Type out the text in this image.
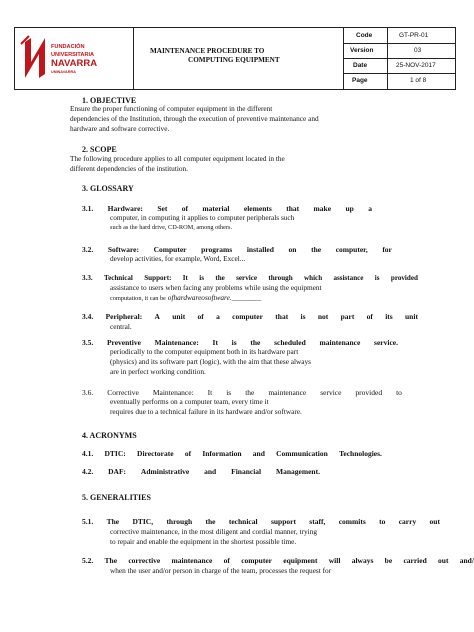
FUNDACIÓN
UNIVERSITARIA
NAVARRA
UNINAVARRA
Code	GT-PR-01
Version	03
Date	25-NOV-2017
Page	1 of 8
MAINTENANCE PROCEDURE TO
COMPUTING EQUIPMENT
1. OBJECTIVE
Ensure the proper functioning of computer equipment in the different
dependencies of the Institution, through the execution of preventive maintenance and
hardware and software corrective.
2. SCOPE
The following procedure applies to all computer equipment located in the
different dependencies of the institution.
3. GLOSSARY
3.1. Hardware: Set of material elements that make up a
computer, in computing it applies to computer peripherals such
such as the hard drive, CD-ROM, among others.
3.2. Software: Computer programs installed on the computer, for
develop activities, for example, Word, Excel...
3.3. Technical Support: It is the service through which assistance is provided
assistance to users when facing any problems while using the equipment
computation, it can be ofhardwareosoftware.________
3.4. Peripheral: A unit of a computer that is not part of its unit
central.
3.5. Preventive Maintenance: It is the scheduled maintenance service.
periodically to the computer equipment both in its hardware part
(physics) and its software part (logic), with the aim that these always
are in perfect working condition.
3.6. Corrective Maintenance: It is the maintenance service provided to
eventually performs on a computer team, every time it
requires due to a technical failure in its hardware and/or software.
4. ACRONYMS
4.1. DTIC: Directorate of Information and Communication Technologies.
4.2. DAF: Administrative and Financial Management.
5. GENERALITIES
5.1. The DTIC, through the technical support staff, commits to carry out
corrective maintenance, in the most diligent and cordial manner, trying
to repair and enable the equipment in the shortest possible time.
5.2. The corrective maintenance of computer equipment will always be carried out and/
when the user and/or person in charge of the team, processes the request for
